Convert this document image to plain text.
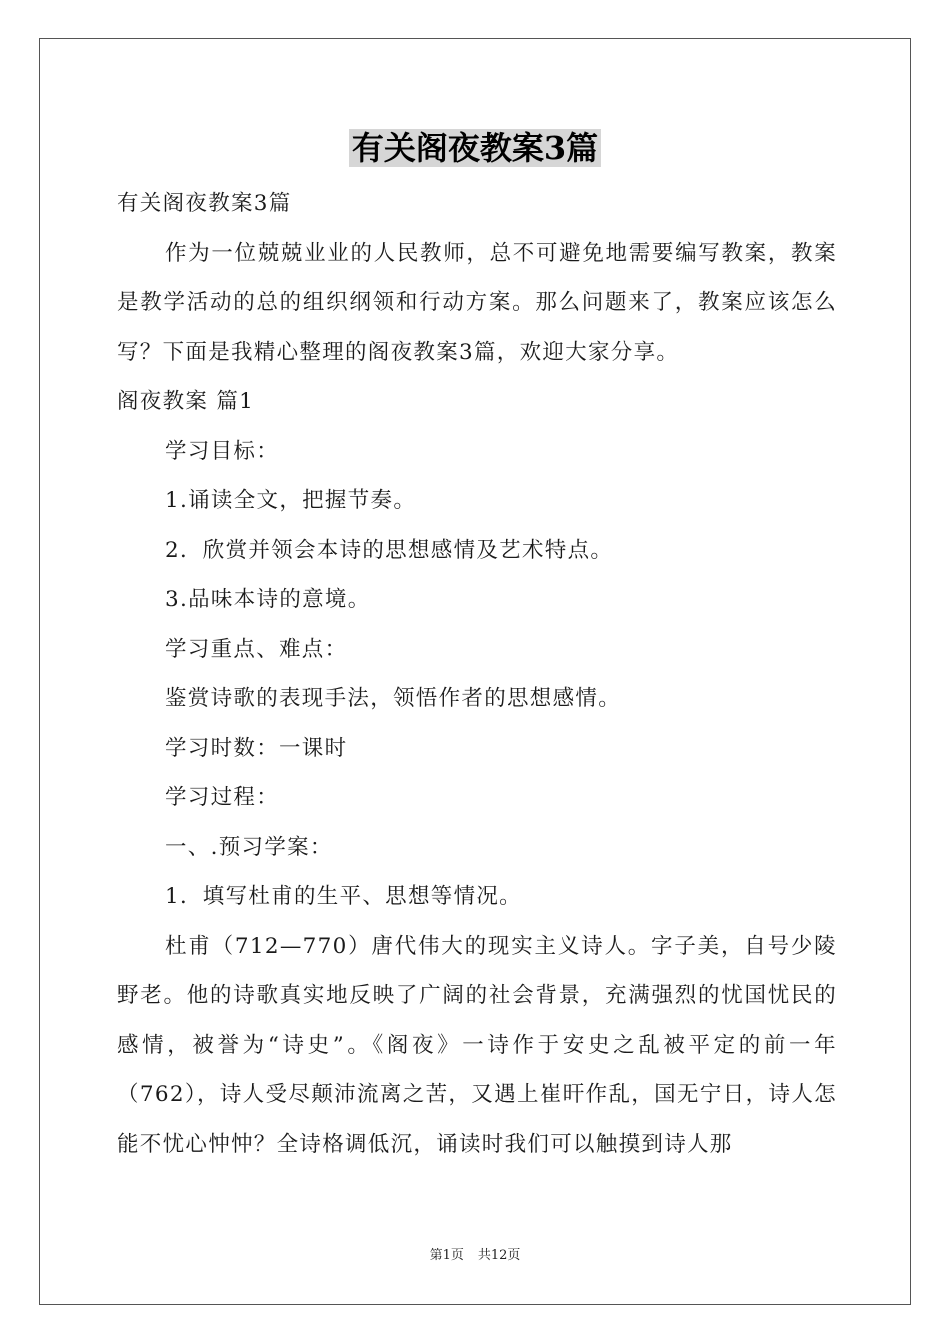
有关阁夜教案3篇

有关阁夜教案3篇

作为一位兢兢业业的人民教师，总不可避免地需要编写教案，教案是教学活动的总的组织纲领和行动方案。那么问题来了，教案应该怎么写？下面是我精心整理的阁夜教案3篇，欢迎大家分享。

阁夜教案 篇1

学习目标：

1.诵读全文，把握节奏。

2．欣赏并领会本诗的思想感情及艺术特点。

3.品味本诗的意境。

学习重点、难点：

鉴赏诗歌的表现手法，领悟作者的思想感情。

学习时数：一课时

学习过程：

一、.预习学案：

1．填写杜甫的生平、思想等情况。

杜甫（712—770）唐代伟大的现实主义诗人。字子美，自号少陵野老。他的诗歌真实地反映了广阔的社会背景，充满强烈的忧国忧民的感情，被誉为“诗史”。《阁夜》一诗作于安史之乱被平定的前一年（762），诗人受尽颠沛流离之苦，又遇上崔旰作乱，国无宁日，诗人怎能不忧心忡忡？全诗格调低沉，诵读时我们可以触摸到诗人那

第1页 共12页
